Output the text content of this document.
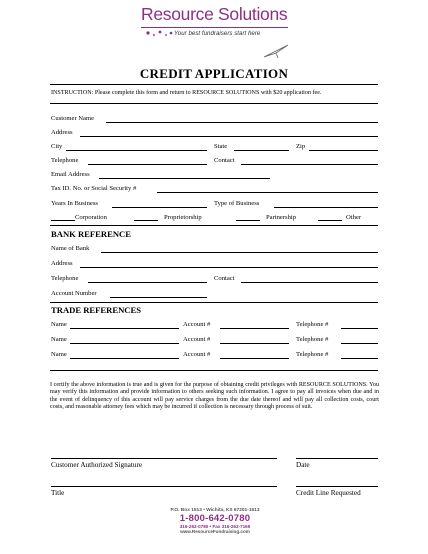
Resource Solutions
Your best fundraisers start here
CREDIT APPLICATION
INSTRUCTION: Please complete this form and return to RESOURCE SOLUTIONS with $20 application fee.
Customer Name
Address
City	State	Zip
Telephone	Contact
Email Address
Tax ID. No. or Social Security #
Years In Business	Type of Business
Corporation	Proprietorship	Partnership	Other
BANK REFERENCE
Name of Bank
Address
Telephone	Contact
Account Number
TRADE REFERENCES
Name	Account #	Telephone #
Name	Account #	Telephone #
Name	Account #	Telephone #
I certify the above information is true and is given for the purpose of obtaining credit privileges with RESOURCE SOLUTIONS. You may verify this information and provide information to others seeking such information. I agree to pay all invoices when due and in the event of delinquency of this account will pay service charges from the due date thereof and will pay all collection costs, court costs, and reasonable attorney fees which may be incurred if collection is necessary through process of suit.
Customer Authorized Signature	Date
Title	Credit Line Requested
P.O. Box 1513 • Wichita, KS 67201-1513
1-800-642-0780
316-262-0780 • Fax 316-262-7169
www.ResourceFundraising.com
